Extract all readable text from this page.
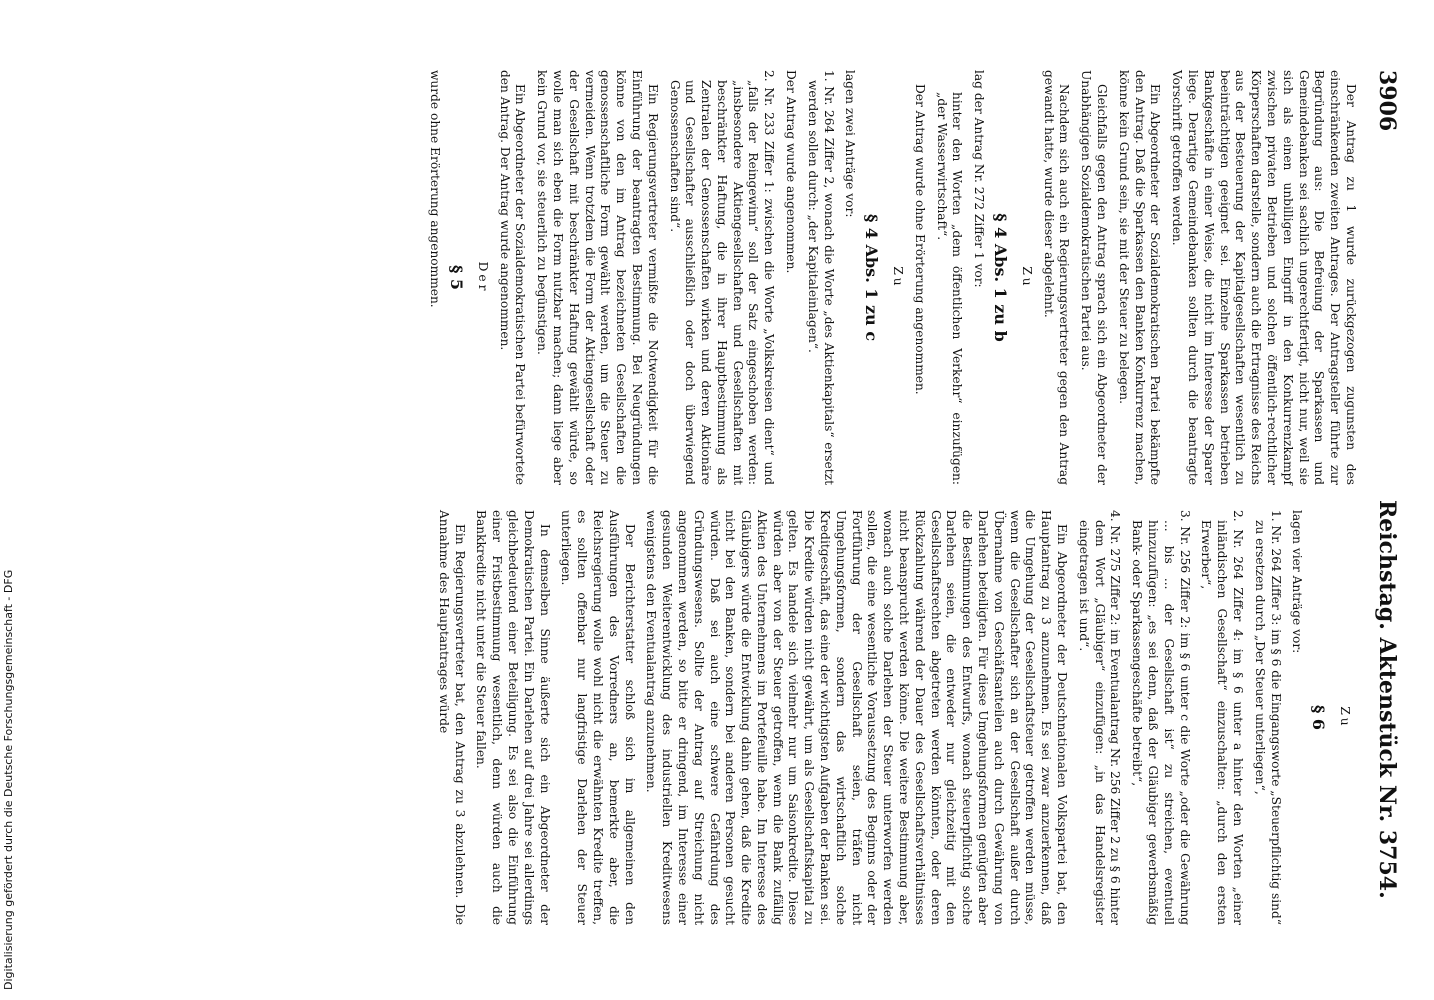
3906
Reichstag. Aktenstück Nr. 3754.

Der Antrag zu 1 wurde zurückgezogen zugunsten des einschränkenden zweiten Antrages. Der Antragsteller führte zur Begründung aus: Die Befreiung der Sparkassen und Gemeindebanken sei sachlich ungerechtfertigt, nicht nur, weil sie sich als einen unbilligen Eingriff in den Konkurrenzkampf zwischen privaten Betrieben und solchen öffentlich-rechtlicher Körperschaften darstelle, sondern auch die Ertragnisse des Reichs aus der Besteuerung der Kapitalgesellschaften wesentlich zu beeinträchtigen geeignet sei. Einzelne Sparkassen betrieben Bankgeschäfte in einer Weise, die nicht im Interesse der Sparer liege. Derartige Gemeindebanken sollten durch die beantragte Vorschrift getroffen werden.

Ein Abgeordneter der Sozialdemokratischen Partei bekämpfte den Antrag. Daß die Sparkassen den Banken Konkurrenz machen, könne kein Grund sein, sie mit der Steuer zu belegen.

Gleichfalls gegen den Antrag sprach sich ein Abgeordneter der Unabhängigen Sozialdemokratischen Partei aus.

Nachdem sich auch ein Regierungsvertreter gegen den Antrag gewandt hatte, wurde dieser abgelehnt.

Zu
§ 4 Abs. 1 zu b

lag der Antrag Nr. 272 Ziffer 1 vor:

hinter den Worten „dem öffentlichen Verkehr“ einzufügen: „der Wasserwirtschaft“.

Der Antrag wurde ohne Erörterung angenommen.

Zu
§ 4 Abs. 1 zu c

lagen zwei Anträge vor:

1. Nr. 264 Ziffer 2, wonach die Worte „des Aktienkapitals“ ersetzt werden sollen durch: „der Kapitaleinlagen“.

Der Antrag wurde angenommen.

2. Nr. 233 Ziffer 1: zwischen die Worte „Volkskreisen dient“ und „falls der Reingewinn“ soll der Satz eingeschoben werden: „insbesondere Aktiengesellschaften und Gesellschaften mit beschränkter Haftung, die in ihrer Hauptbestimmung als Zentralen der Genossenschaften wirken und deren Aktionäre und Gesellschafter ausschließlich oder doch überwiegend Genossenschaften sind“.

Ein Regierungsvertreter vermißte die Notwendigkeit für die Einführung der beantragten Bestimmung. Bei Neugründungen könne von den im Antrag bezeichneten Gesellschaften die genossenschaftliche Form gewählt werden, um die Steuer zu vermeiden. Wenn trotzdem die Form der Aktiengesellschaft oder der Gesellschaft mit beschränkter Haftung gewählt würde, so wolle man sich eben die Form nutzbar machen; dann liege aber kein Grund vor, sie steuerlich zu begünstigen.

Ein Abgeordneter der Sozialdemokratischen Partei befürwortete den Antrag. Der Antrag wurde angenommen.

Der
§ 5

wurde ohne Erörterung angenommen.

Zu
§ 6

lagen vier Anträge vor:

1. Nr. 264 Ziffer 3: im § 6 die Eingangsworte „Steuerpflichtig sind“ zu ersetzen durch „Der Steuer unterliegen“,

2. Nr. 264 Ziffer 4: im § 6 unter a hinter den Worten „einer inländischen Gesellschaft“ einzuschalten: „durch den ersten Erwerber“,

3. Nr. 256 Ziffer 2: im § 6 unter c die Worte „oder die Gewährung ... bis ... der Gesellschaft ist“ zu streichen, eventuell hinzuzufügen: „es sei denn, daß der Gläubiger gewerbsmäßig Bank- oder Sparkassengeschäfte betreibt“,

4. Nr. 275 Ziffer 2: im Eventualantrag Nr. 256 Ziffer 2 zu § 6 hinter dem Wort „Gläubiger“ einzufügen: „in das Handelsregister eingetragen ist und“.

Ein Abgeordneter der Deutschnationalen Volkspartei bat, den Hauptantrag zu 3 anzunehmen. Es sei zwar anzuerkennen, daß die Umgehung der Gesellschaftsteuer getroffen werden müsse, wenn die Gesellschafter sich an der Gesellschaft außer durch Übernahme von Geschäftsanteilen auch durch Gewährung von Darlehen beteiligten. Für diese Umgehungsformen genügten aber die Bestimmungen des Entwurfs, wonach steuerpflichtig solche Darlehen seien, die entweder nur gleichzeitig mit den Gesellschaftsrechten abgetreten werden könnten, oder deren Rückzahlung während der Dauer des Gesellschaftsverhältnisses nicht beansprucht werden könne. Die weitere Bestimmung aber, wonach auch solche Darlehen der Steuer unterworfen werden sollen, die eine wesentliche Voraussetzung des Beginns oder der Fortführung der Gesellschaft seien, träfen nicht Umgehungsformen, sondern das wirtschaftlich solche Kreditgeschäft, das eine der wichtigsten Aufgaben der Banken sei. Die Kredite würden nicht gewährt, um als Gesellschaftskapital zu gelten. Es handele sich vielmehr nur um Saisonkredite. Diese würden aber von der Steuer getroffen, wenn die Bank zufällig Aktien des Unternehmens im Portefeuille habe. Im Interesse des Gläubigers würde die Entwicklung dahin gehen, daß die Kredite nicht bei den Banken, sondern bei anderen Personen gesucht würden. Daß sei auch eine schwere Gefährdung des Gründungswesens. Sollte der Antrag auf Streichung nicht angenommen werden, so bitte er dringend, im Interesse einer gesunden Weiterentwicklung des industriellen Kreditwesens wenigstens den Eventualantrag anzunehmen.

Der Berichterstatter schloß sich im allgemeinen den Ausführungen des Vorredners an, bemerkte aber, die Reichsregierung wolle wohl nicht die erwähnten Kredite treffen, es sollten offenbar nur langfristige Darlehen der Steuer unterliegen.

In demselben Sinne äußerte sich ein Abgeordneter der Demokratischen Partei. Ein Darlehen auf drei Jahre sei allerdings gleichbedeutend einer Beteiligung. Es sei also die Einführung einer Fristbestimmung wesentlich, denn würden auch die Bankkredite nicht unter die Steuer fallen.

Ein Regierungsvertreter bat, den Antrag zu 3 abzulehnen. Die Annahme des Hauptantrages würde

Digitalisierung gefördert durch die Deutsche Forschungsgemeinschaft - DFG
